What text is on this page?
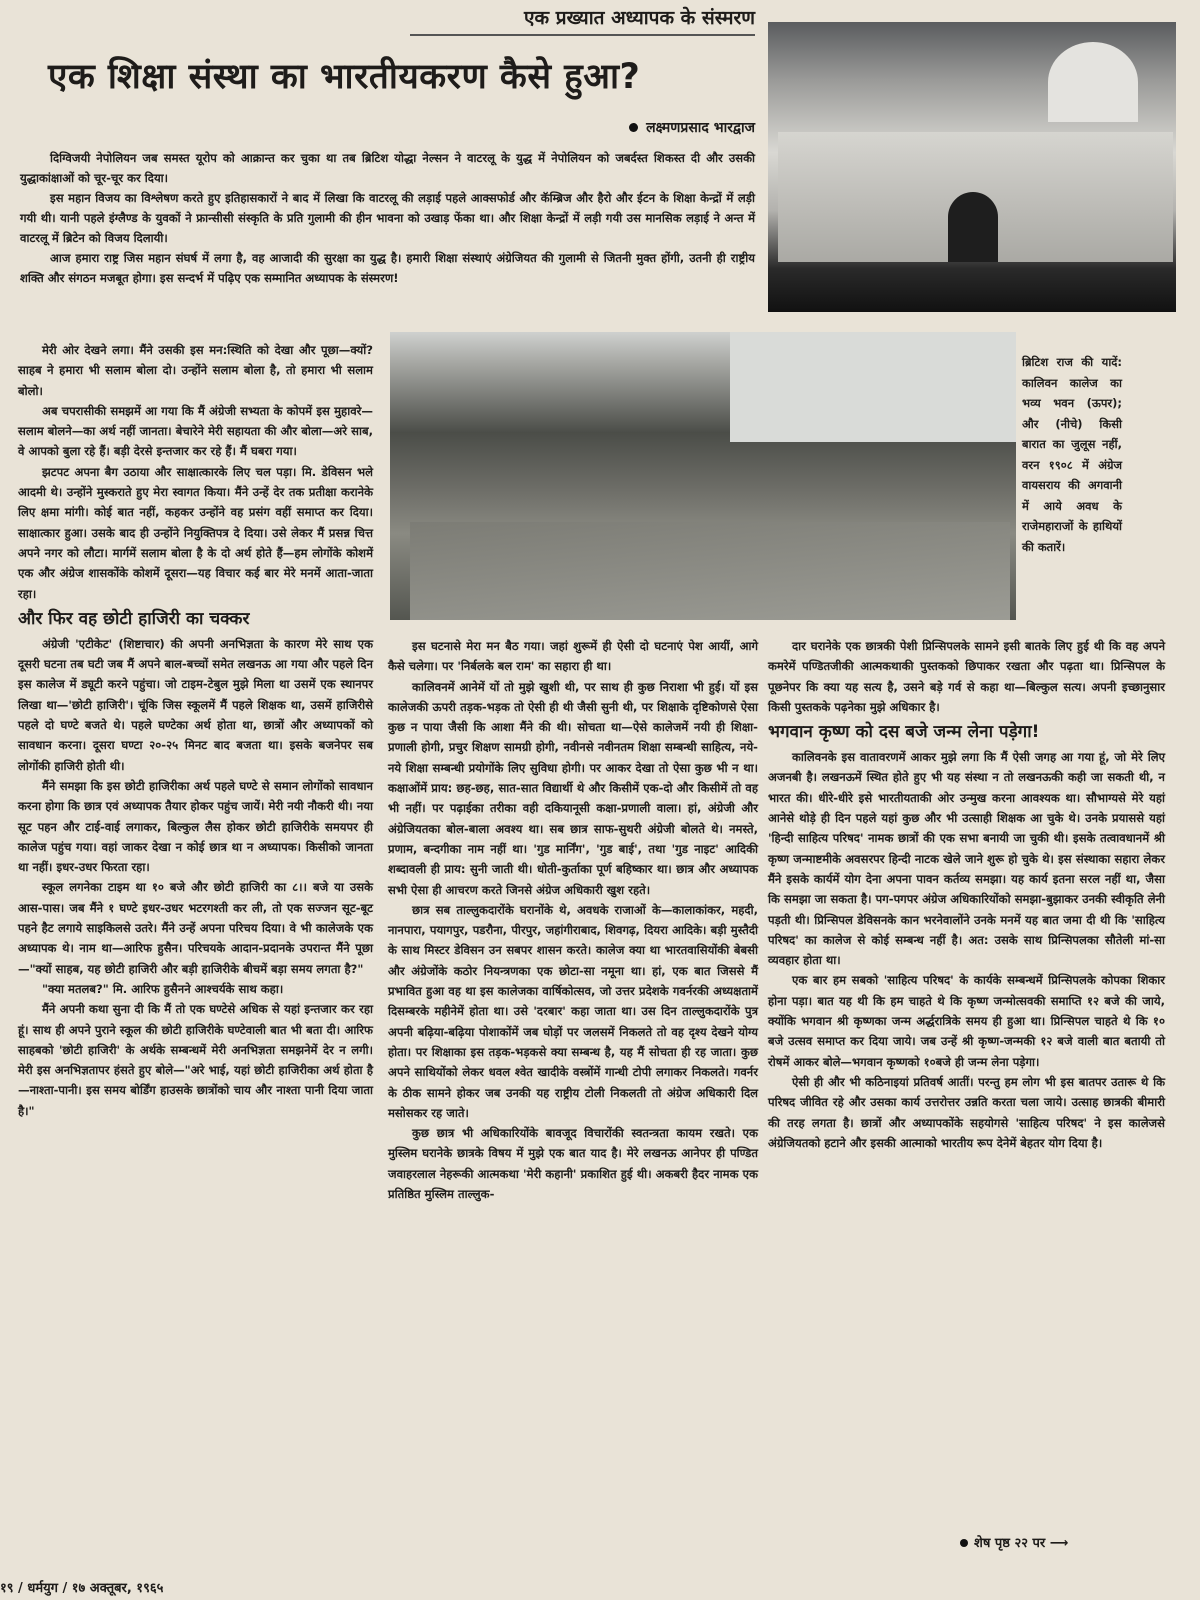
एक प्रख्यात अध्यापक के संस्मरण
एक शिक्षा संस्था का भारतीयकरण कैसे हुआ?
लक्ष्मणप्रसाद भारद्वाज

दिग्विजयी नेपोलियन जब समस्त यूरोप को आक्रान्त कर चुका था तब ब्रिटिश योद्धा नेल्सन ने वाटरलू के युद्ध में नेपोलियन को जबर्दस्त शिकस्त दी और उसकी युद्धाकांक्षाओं को चूर-चूर कर दिया।

इस महान विजय का विश्लेषण करते हुए इतिहासकारों ने बाद में लिखा कि वाटरलू की लड़ाई पहले आक्सफोर्ड और कॅम्ब्रिज और हैरो और ईटन के शिक्षा केन्द्रों में लड़ी गयी थी। यानी पहले इंग्लैण्ड के युवकों ने फ्रान्सीसी संस्कृति के प्रति गुलामी की हीन भावना को उखाड़ फेंका था। और शिक्षा केन्द्रों में लड़ी गयी उस मानसिक लड़ाई ने अन्त में वाटरलू में ब्रिटेन को विजय दिलायी।

आज हमारा राष्ट्र जिस महान संघर्ष में लगा है, वह आजादी की सुरक्षा का युद्ध है। हमारी शिक्षा संस्थाएं अंग्रेजियत की गुलामी से जितनी मुक्त होंगी, उतनी ही राष्ट्रीय शक्ति और संगठन मजबूत होगा। इस सन्दर्भ में पढ़िए एक सम्मानित अध्यापक के संस्मरण!

ब्रिटिश राज की यादें: कालिवन कालेज का भव्य भवन (ऊपर); और (नीचे) किसी बारात का जुलूस नहीं, वरन १९०८ में अंग्रेज वायसराय की अगवानी में आये अवध के राजेमहाराजों के हाथियों की कतारें।

मेरी ओर देखने लगा। मैंने उसकी इस मन:स्थिति को देखा और पूछा—क्यों? साहब ने हमारा भी सलाम बोला दो। उन्होंने सलाम बोला है, तो हमारा भी सलाम बोलो।

अब चपरासीकी समझमें आ गया कि मैं अंग्रेजी सभ्यता के कोपमें इस मुहावरे—सलाम बोलने—का अर्थ नहीं जानता। बेचारेने मेरी सहायता की और बोला—अरे साब, वे आपको बुला रहे हैं। बड़ी देरसे इन्तजार कर रहे हैं। मैं घबरा गया।

झटपट अपना बैग उठाया और साक्षात्कारके लिए चल पड़ा। मि. डेविसन भले आदमी थे। उन्होंने मुस्कराते हुए मेरा स्वागत किया। मैंने उन्हें देर तक प्रतीक्षा करानेके लिए क्षमा मांगी। कोई बात नहीं, कहकर उन्होंने वह प्रसंग वहीं समाप्त कर दिया। साक्षात्कार हुआ। उसके बाद ही उन्होंने नियुक्तिपत्र दे दिया। उसे लेकर मैं प्रसन्न चित्त अपने नगर को लौटा। मार्गमें सलाम बोला है के दो अर्थ होते हैं—हम लोगोंके कोशमें एक और अंग्रेज शासकोंके कोशमें दूसरा—यह विचार कई बार मेरे मनमें आता-जाता रहा।

और फिर वह छोटी हाजिरी का चक्कर

अंग्रेजी 'एटीकेट' (शिष्टाचार) की अपनी अनभिज्ञता के कारण मेरे साथ एक दूसरी घटना तब घटी जब मैं अपने बाल-बच्चों समेत लखनऊ आ गया और पहले दिन इस कालेज में ड्यूटी करने पहुंचा। जो टाइम-टेबुल मुझे मिला था उसमें एक स्थानपर लिखा था—'छोटी हाजिरी'। चूंकि जिस स्कूलमें मैं पहले शिक्षक था, उसमें हाजिरीसे पहले दो घण्टे बजते थे। पहले घण्टेका अर्थ होता था, छात्रों और अध्यापकों को सावधान करना। दूसरा घण्टा २०-२५ मिनट बाद बजता था। इसके बजनेपर सब लोगोंकी हाजिरी होती थी।

मैंने समझा कि इस छोटी हाजिरीका अर्थ पहले घण्टे से समान लोगोंको सावधान करना होगा कि छात्र एवं अध्यापक तैयार होकर पहुंच जायें। मेरी नयी नौकरी थी। नया सूट पहन और टाई-वाई लगाकर, बिल्कुल लैस होकर छोटी हाजिरीके समयपर ही कालेज पहुंच गया। वहां जाकर देखा न कोई छात्र था न अध्यापक। किसीको जानता था नहीं। इधर-उधर फिरता रहा।

स्कूल लगनेका टाइम था १० बजे और छोटी हाजिरी का ८।। बजे या उसके आस-पास। जब मैंने १ घण्टे इधर-उधर भटरगश्ती कर ली, तो एक सज्जन सूट-बूट पहने हैट लगाये साइकिलसे उतरे। मैंने उन्हें अपना परिचय दिया। वे भी कालेजके एक अध्यापक थे। नाम था—आरिफ हुसैन। परिचयके आदान-प्रदानके उपरान्त मैंने पूछा—"क्यों साहब, यह छोटी हाजिरी और बड़ी हाजिरीके बीचमें बड़ा समय लगता है?"

"क्या मतलब?" मि. आरिफ हुसैनने आश्चर्यके साथ कहा।

मैंने अपनी कथा सुना दी कि मैं तो एक घण्टेसे अधिक से यहां इन्तजार कर रहा हूं। साथ ही अपने पुराने स्कूल की छोटी हाजिरीके घण्टेवाली बात भी बता दी। आरिफ साहबको 'छोटी हाजिरी' के अर्थके सम्बन्धमें मेरी अनभिज्ञता समझनेमें देर न लगी। मेरी इस अनभिज्ञतापर हंसते हुए बोले—"अरे भाई, यहां छोटी हाजिरीका अर्थ होता है—नाश्ता-पानी। इस समय बोर्डिंग हाउसके छात्रोंको चाय और नाश्ता पानी दिया जाता है।"

इस घटनासे मेरा मन बैठ गया। जहां शुरूमें ही ऐसी दो घटनाएं पेश आयीं, आगे कैसे चलेगा। पर 'निर्बलके बल राम' का सहारा ही था।

कालिवनमें आनेमें यों तो मुझे खुशी थी, पर साथ ही कुछ निराशा भी हुई। यों इस कालेजकी ऊपरी तड़क-भड़क तो ऐसी ही थी जैसी सुनी थी, पर शिक्षाके दृष्टिकोणसे ऐसा कुछ न पाया जैसी कि आशा मैंने की थी। सोचता था—ऐसे कालेजमें नयी ही शिक्षा-प्रणाली होगी, प्रचुर शिक्षण सामग्री होगी, नवीनसे नवीनतम शिक्षा सम्बन्धी साहित्य, नये-नये शिक्षा सम्बन्धी प्रयोगोंके लिए सुविधा होगी। पर आकर देखा तो ऐसा कुछ भी न था। कक्षाओंमें प्राय: छह-छह, सात-सात विद्यार्थी थे और किसीमें एक-दो और किसीमें तो वह भी नहीं। पर पढ़ाईका तरीका वही दकियानूसी कक्षा-प्रणाली वाला। हां, अंग्रेजी और अंग्रेजियतका बोल-बाला अवश्य था। सब छात्र साफ-सुथरी अंग्रेजी बोलते थे। नमस्ते, प्रणाम, बन्दगीका नाम नहीं था। 'गुड मार्निंग', 'गुड बाई', तथा 'गुड नाइट' आदिकी शब्दावली ही प्राय: सुनी जाती थी। धोती-कुर्ताका पूर्ण बहिष्कार था। छात्र और अध्यापक सभी ऐसा ही आचरण करते जिनसे अंग्रेज अधिकारी खुश रहते।

छात्र सब ताल्लुकदारोंके घरानोंके थे, अवधके राजाओं के—कालाकांकर, महदी, नानपारा, पयागपुर, पडरौना, पीरपुर, जहांगीराबाद, शिवगढ़, दियरा आदिके। बड़ी मुस्तैदी के साथ मिस्टर डेविसन उन सबपर शासन करते। कालेज क्या था भारतवासियोंकी बेबसी और अंग्रेजोंके कठोर नियन्त्रणका एक छोटा-सा नमूना था। हां, एक बात जिससे मैं प्रभावित हुआ वह था इस कालेजका वार्षिकोत्सव, जो उत्तर प्रदेशके गवर्नरकी अध्यक्षतामें दिसम्बरके महीनेमें होता था। उसे 'दरबार' कहा जाता था। उस दिन ताल्लुकदारोंके पुत्र अपनी बढ़िया-बढ़िया पोशाकोंमें जब घोड़ों पर जलसमें निकलते तो वह दृश्य देखने योग्य होता। पर शिक्षाका इस तड़क-भड़कसे क्या सम्बन्ध है, यह मैं सोचता ही रह जाता। कुछ अपने साथियोंको लेकर धवल श्वेत खादीके वस्त्रोंमें गान्धी टोपी लगाकर निकलते। गवर्नर के ठीक सामने होकर जब उनकी यह राष्ट्रीय टोली निकलती तो अंग्रेज अधिकारी दिल मसोसकर रह जाते।

कुछ छात्र भी अधिकारियोंके बावजूद विचारोंकी स्वतन्त्रता कायम रखते। एक मुस्लिम घरानेके छात्रके विषय में मुझे एक बात याद है। मेरे लखनऊ आनेपर ही पण्डित जवाहरलाल नेहरूकी आत्मकथा 'मेरी कहानी' प्रकाशित हुई थी। अकबरी हैदर नामक एक प्रतिष्ठित मुस्लिम ताल्लुक-

दार घरानेके एक छात्रकी पेशी प्रिन्सिपलके सामने इसी बातके लिए हुई थी कि वह अपने कमरेमें पण्डितजीकी आत्मकथाकी पुस्तकको छिपाकर रखता और पढ़ता था। प्रिन्सिपल के पूछनेपर कि क्या यह सत्य है, उसने बड़े गर्व से कहा था—बिल्कुल सत्य। अपनी इच्छानुसार किसी पुस्तकके पढ़नेका मुझे अधिकार है।

भगवान कृष्ण को दस बजे जन्म लेना पड़ेगा!

कालिवनके इस वातावरणमें आकर मुझे लगा कि मैं ऐसी जगह आ गया हूं, जो मेरे लिए अजनबी है। लखनऊमें स्थित होते हुए भी यह संस्था न तो लखनऊकी कही जा सकती थी, न भारत की। धीरे-धीरे इसे भारतीयताकी ओर उन्मुख करना आवश्यक था। सौभाग्यसे मेरे यहां आनेसे थोड़े ही दिन पहले यहां कुछ और भी उत्साही शिक्षक आ चुके थे। उनके प्रयाससे यहां 'हिन्दी साहित्य परिषद' नामक छात्रों की एक सभा बनायी जा चुकी थी। इसके तत्वावधानमें श्री कृष्ण जन्माष्टमीके अवसरपर हिन्दी नाटक खेले जाने शुरू हो चुके थे। इस संस्थाका सहारा लेकर मैंने इसके कार्यमें योग देना अपना पावन कर्तव्य समझा। यह कार्य इतना सरल नहीं था, जैसा कि समझा जा सकता है। पग-पगपर अंग्रेज अधिकारियोंको समझा-बुझाकर उनकी स्वीकृति लेनी पड़ती थी। प्रिन्सिपल डेविसनके कान भरनेवालोंने उनके मनमें यह बात जमा दी थी कि 'साहित्य परिषद' का कालेज से कोई सम्बन्ध नहीं है। अत: उसके साथ प्रिन्सिपलका सौतेली मां-सा व्यवहार होता था।

एक बार हम सबको 'साहित्य परिषद' के कार्यके सम्बन्धमें प्रिन्सिपलके कोपका शिकार होना पड़ा। बात यह थी कि हम चाहते थे कि कृष्ण जन्मोत्सवकी समाप्ति १२ बजे की जाये, क्योंकि भगवान श्री कृष्णका जन्म अर्द्धरात्रिके समय ही हुआ था। प्रिन्सिपल चाहते थे कि १० बजे उत्सव समाप्त कर दिया जाये। जब उन्हें श्री कृष्ण-जन्मकी १२ बजे वाली बात बतायी तो रोषमें आकर बोले—भगवान कृष्णको १०बजे ही जन्म लेना पड़ेगा।

ऐसी ही और भी कठिनाइयां प्रतिवर्ष आतीं। परन्तु हम लोग भी इस बातपर उतारू थे कि परिषद जीवित रहे और उसका कार्य उत्तरोत्तर उन्नति करता चला जाये। उत्साह छात्रकी बीमारी की तरह लगता है। छात्रों और अध्यापकोंके सहयोगसे 'साहित्य परिषद' ने इस कालेजसे अंग्रेजियतको हटाने और इसकी आत्माको भारतीय रूप देनेमें बेहतर योग दिया है।

शेष पृष्ठ २२ पर ⟶
१९ / धर्मयुग / १७ अक्तूबर, १९६५
